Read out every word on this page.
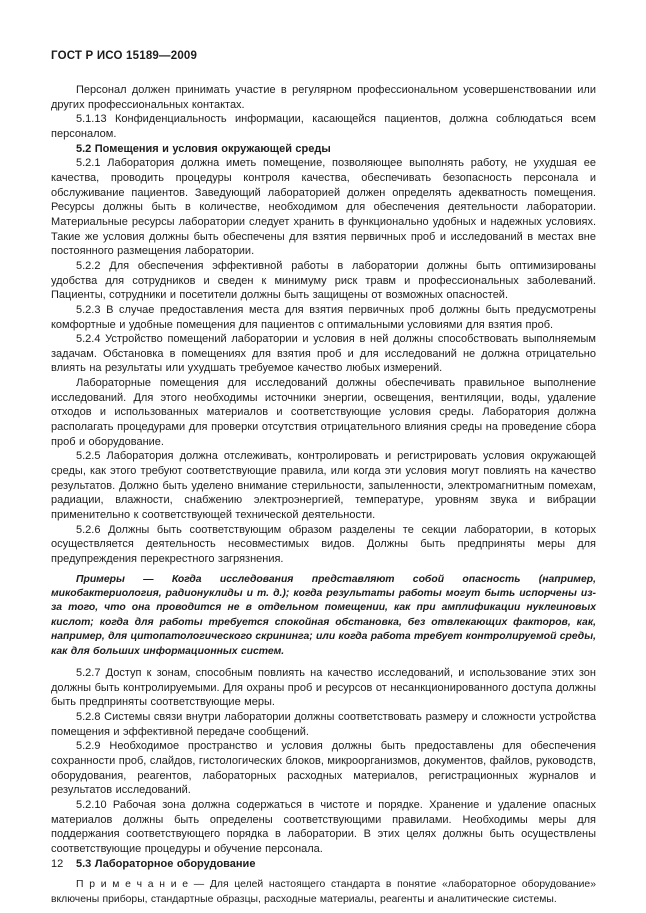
ГОСТ Р ИСО 15189—2009

Персонал должен принимать участие в регулярном профессиональном усовершенствовании или других профессиональных контактах.

5.1.13 Конфиденциальность информации, касающейся пациентов, должна соблюдаться всем персоналом.

5.2 Помещения и условия окружающей среды

5.2.1 Лаборатория должна иметь помещение, позволяющее выполнять работу, не ухудшая ее качества, проводить процедуры контроля качества, обеспечивать безопасность персонала и обслуживание пациентов. Заведующий лабораторией должен определять адекватность помещения. Ресурсы должны быть в количестве, необходимом для обеспечения деятельности лаборатории. Материальные ресурсы лаборатории следует хранить в функционально удобных и надежных условиях. Такие же условия должны быть обеспечены для взятия первичных проб и исследований в местах вне постоянного размещения лаборатории.

5.2.2 Для обеспечения эффективной работы в лаборатории должны быть оптимизированы удобства для сотрудников и сведен к минимуму риск травм и профессиональных заболеваний. Пациенты, сотрудники и посетители должны быть защищены от возможных опасностей.

5.2.3 В случае предоставления места для взятия первичных проб должны быть предусмотрены комфортные и удобные помещения для пациентов с оптимальными условиями для взятия проб.

5.2.4 Устройство помещений лаборатории и условия в ней должны способствовать выполняемым задачам. Обстановка в помещениях для взятия проб и для исследований не должна отрицательно влиять на результаты или ухудшать требуемое качество любых измерений.

Лабораторные помещения для исследований должны обеспечивать правильное выполнение исследований. Для этого необходимы источники энергии, освещения, вентиляции, воды, удаление отходов и использованных материалов и соответствующие условия среды. Лаборатория должна располагать процедурами для проверки отсутствия отрицательного влияния среды на проведение сбора проб и оборудование.

5.2.5 Лаборатория должна отслеживать, контролировать и регистрировать условия окружающей среды, как этого требуют соответствующие правила, или когда эти условия могут повлиять на качество результатов. Должно быть уделено внимание стерильности, запыленности, электромагнитным помехам, радиации, влажности, снабжению электроэнергией, температуре, уровням звука и вибрации применительно к соответствующей технической деятельности.

5.2.6 Должны быть соответствующим образом разделены те секции лаборатории, в которых осуществляется деятельность несовместимых видов. Должны быть предприняты меры для предупреждения перекрестного загрязнения.

Примеры — Когда исследования представляют собой опасность (например, микобактериология, радионуклиды и т. д.); когда результаты работы могут быть испорчены из-за того, что она проводится не в отдельном помещении, как при амплификации нуклеиновых кислот; когда для работы требуется спокойная обстановка, без отвлекающих факторов, как, например, для цитопатологического скрининга; или когда работа требует контролируемой среды, как для больших информационных систем.

5.2.7 Доступ к зонам, способным повлиять на качество исследований, и использование этих зон должны быть контролируемыми. Для охраны проб и ресурсов от несанкционированного доступа должны быть предприняты соответствующие меры.

5.2.8 Системы связи внутри лаборатории должны соответствовать размеру и сложности устройства помещения и эффективной передаче сообщений.

5.2.9 Необходимое пространство и условия должны быть предоставлены для обеспечения сохранности проб, слайдов, гистологических блоков, микроорганизмов, документов, файлов, руководств, оборудования, реагентов, лабораторных расходных материалов, регистрационных журналов и результатов исследований.

5.2.10 Рабочая зона должна содержаться в чистоте и порядке. Хранение и удаление опасных материалов должны быть определены соответствующими правилами. Необходимы меры для поддержания соответствующего порядка в лаборатории. В этих целях должны быть осуществлены соответствующие процедуры и обучение персонала.

5.3 Лабораторное оборудование

П р и м е ч а н и е — Для целей настоящего стандарта в понятие «лабораторное оборудование» включены приборы, стандартные образцы, расходные материалы, реагенты и аналитические системы.

12
